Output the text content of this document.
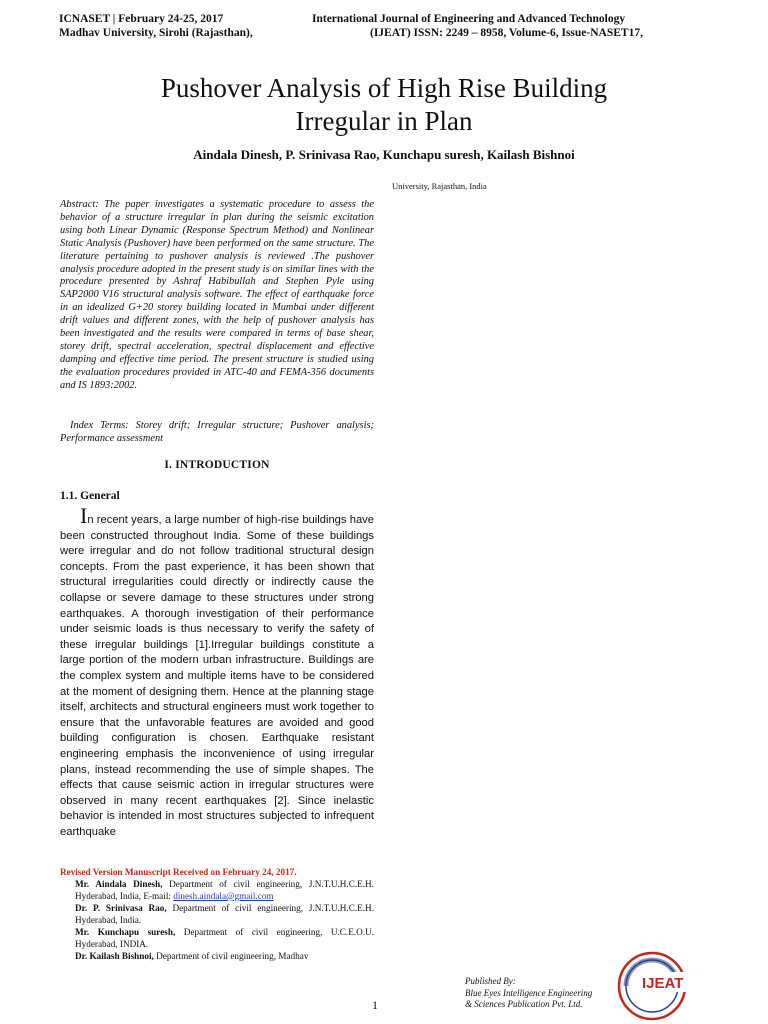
ICNASET | February 24-25, 2017
Madhav University, Sirohi (Rajasthan),
International Journal of Engineering and Advanced Technology
(IJEAT) ISSN: 2249 – 8958, Volume-6, Issue-NASET17,
Pushover Analysis of High Rise Building
Irregular in Plan
Aindala Dinesh, P. Srinivasa Rao, Kunchapu suresh, Kailash Bishnoi
University, Rajasthan, India

Abstract: The paper investigates a systematic procedure to assess the behavior of a structure irregular in plan during the seismic excitation using both Linear Dynamic (Response Spectrum Method) and Nonlinear Static Analysis (Pushover) have been performed on the same structure. The literature pertaining to pushover analysis is reviewed .The pushover analysis procedure adopted in the present study is on similar lines with the procedure presented by Ashraf Habibullah and Stephen Pyle using SAP2000 V16 structural analysis software. The effect of earthquake force in an idealized G+20 storey building located in Mumbai under different drift values and different zones, with the help of pushover analysis has been investigated and the results were compared in terms of base shear, storey drift, spectral acceleration, spectral displacement and effective damping and effective time period. The present structure is studied using the evaluation procedures provided in ATC-40 and FEMA-356 documents and IS 1893:2002.

Index Terms: Storey drift; Irregular structure; Pushover analysis; Performance assessment
I. INTRODUCTION
1.1. General
In recent years, a large number of high-rise buildings have been constructed throughout India. Some of these buildings were irregular and do not follow traditional structural design concepts. From the past experience, it has been shown that structural irregularities could directly or indirectly cause the collapse or severe damage to these structures under strong earthquakes. A thorough investigation of their performance under seismic loads is thus necessary to verify the safety of these irregular buildings [1].Irregular buildings constitute a large portion of the modern urban infrastructure. Buildings are the complex system and multiple items have to be considered at the moment of designing them. Hence at the planning stage itself, architects and structural engineers must work together to ensure that the unfavorable features are avoided and good building configuration is chosen. Earthquake resistant engineering emphasis the inconvenience of using irregular plans, instead recommending the use of simple shapes. The effects that cause seismic action in irregular structures were observed in many recent earthquakes [2]. Since inelastic behavior is intended in most structures subjected to infrequent earthquake
Revised Version Manuscript Received on February 24, 2017.
Mr. Aindala Dinesh, Department of civil engineering, J.N.T.U.H.C.E.H. Hyderabad, India, E-mail: dinesh.aindala@gmail.com
Dr. P. Srinivasa Rao, Department of civil engineering, J.N.T.U.H.C.E.H. Hyderabad, India.
Mr. Kunchapu suresh, Department of civil engineering, U.C.E.O.U. Hyderabad, INDIA.
Dr. Kailash Bishnoi, Department of civil engineering, Madhav
1
Published By:
Blue Eyes Intelligence Engineering
& Sciences Publication Pvt. Ltd.
IJEAT
